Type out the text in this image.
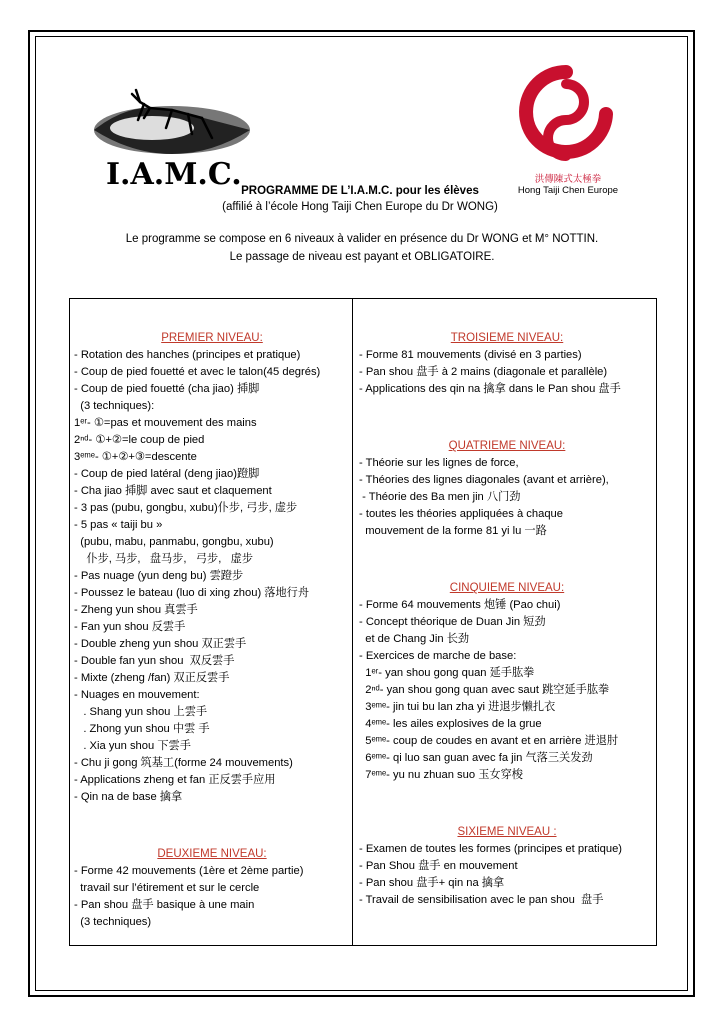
I.A.M.C.	洪傳陳式太極拳
Hong Taiji Chen Europe
PROGRAMME DE L’I.A.M.C. pour les élèves
(affilié à l’école Hong Taiji Chen Europe du Dr WONG)
Le programme se compose en 6 niveaux à valider en présence du Dr WONG et M° NOTTIN.
Le passage de niveau est payant et OBLIGATOIRE.
PREMIER NIVEAU:
- Rotation des hanches (principes et pratique)
- Coup de pied fouetté et avec le talon(45 degrés)
- Coup de pied fouetté (cha jiao) 揷脚
(3 techniques):
1ᵉʳ- ①=pas et mouvement des mains
2ⁿᵈ- ①+②=le coup de pied
3ᵉᵐᵉ- ①+②+③=descente
- Coup de pied latéral (deng jiao)蹬脚
- Cha jiao 揷脚 avec saut et claquement
- 3 pas (pubu, gongbu, xubu)仆步, 弓步, 虚步
- 5 pas « taiji bu »
(pubu, mabu, panmabu, gongbu, xubu)
仆步, 马步,   盘马步,   弓步,   虚步
- Pas nuage (yun deng bu) 雲蹬步
- Poussez le bateau (luo di xing zhou) 落地行舟
- Zheng yun shou 真雲手
- Fan yun shou 反雲手
- Double zheng yun shou 双正雲手
- Double fan yun shou  双反雲手
- Mixte (zheng /fan) 双正反雲手
- Nuages en mouvement:
. Shang yun shou 上雲手
. Zhong yun shou 中雲 手
. Xia yun shou 下雲手
- Chu ji gong 筑基工(forme 24 mouvements)
- Applications zheng et fan 正反雲手应用
- Qin na de base 擒拿
DEUXIEME NIVEAU:
- Forme 42 mouvements (1ère et 2ème partie)
travail sur l’étirement et sur le cercle
- Pan shou 盘手 basique à une main
(3 techniques)
TROISIEME NIVEAU:
- Forme 81 mouvements (divisé en 3 parties)
- Pan shou 盘手 à 2 mains (diagonale et parallèle)
- Applications des qin na 擒拿 dans le Pan shou 盘手
QUATRIEME NIVEAU:
- Théorie sur les lignes de force,
- Théories des lignes diagonales (avant et arrière),
- Théorie des Ba men jin 八门劲
- toutes les théories appliquées à chaque
mouvement de la forme 81 yi lu 一路
CINQUIEME NIVEAU:
- Forme 64 mouvements 炮锤 (Pao chui)
- Concept théorique de Duan Jin 短劲
et de Chang Jin 长劲
- Exercices de marche de base:
1ᵉʳ- yan shou gong quan 延手肱拳
2ⁿᵈ- yan shou gong quan avec saut 跳空延手肱拳
3ᵉᵐᵉ- jin tui bu lan zha yi 进退步懒扎衣
4ᵉᵐᵉ- les ailes explosives de la grue
5ᵉᵐᵉ- coup de coudes en avant et en arrière 进退肘
6ᵉᵐᵉ- qi luo san guan avec fa jin 气落三关发劲
7ᵉᵐᵉ- yu nu zhuan suo 玉女穿梭
SIXIEME NIVEAU :
- Examen de toutes les formes (principes et pratique)
- Pan Shou 盘手 en mouvement
- Pan shou 盘手+ qin na 擒拿
- Travail de sensibilisation avec le pan shou  盘手
